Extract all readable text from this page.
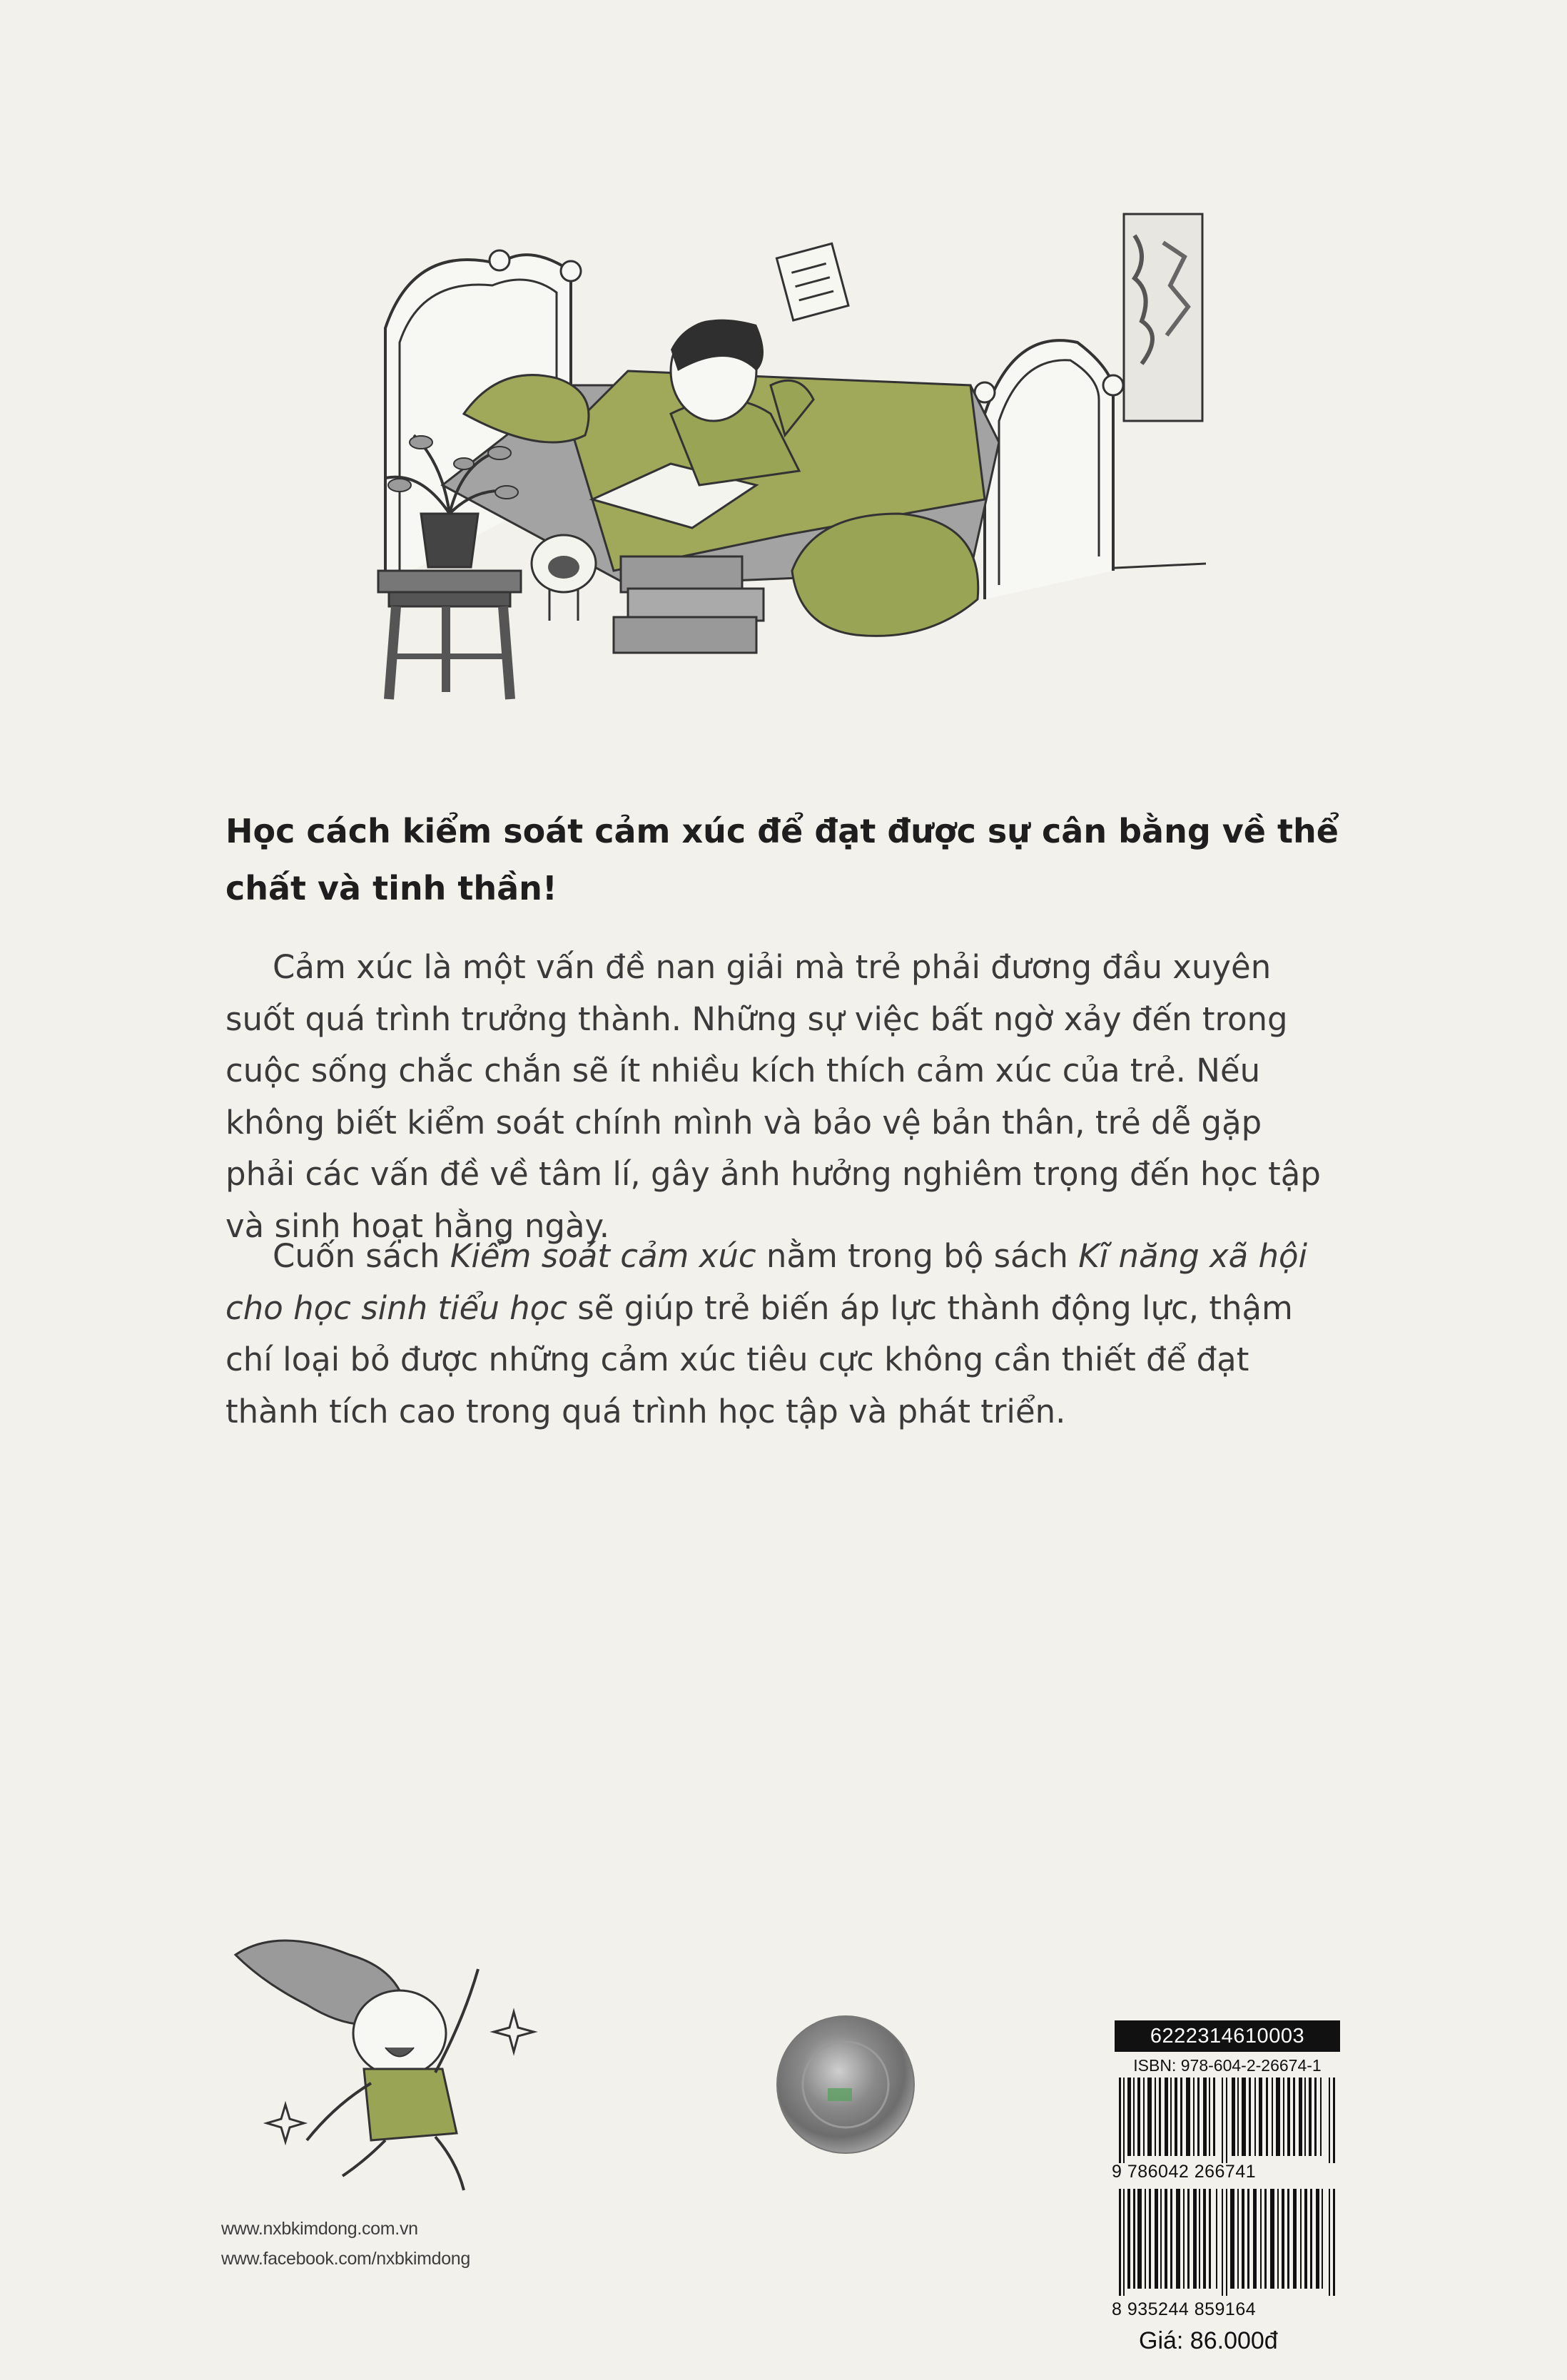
Học cách kiểm soát cảm xúc để đạt được sự cân bằng về thể chất và tinh thần!
Cảm xúc là một vấn đề nan giải mà trẻ phải đương đầu xuyên suốt quá trình trưởng thành. Những sự việc bất ngờ xảy đến trong cuộc sống chắc chắn sẽ ít nhiều kích thích cảm xúc của trẻ. Nếu không biết kiểm soát chính mình và bảo vệ bản thân, trẻ dễ gặp phải các vấn đề về tâm lí, gây ảnh hưởng nghiêm trọng đến học tập và sinh hoạt hằng ngày.
Cuốn sách Kiểm soát cảm xúc nằm trong bộ sách Kĩ năng xã hội cho học sinh tiểu học sẽ giúp trẻ biến áp lực thành động lực, thậm chí loại bỏ được những cảm xúc tiêu cực không cần thiết để đạt thành tích cao trong quá trình học tập và phát triển.
www.nxbkimdong.com.vn
www.facebook.com/nxbkimdong
6222314610003
ISBN: 978-604-2-26674-1
9 786042 266741
8 935244 859164
Giá: 86.000đ
